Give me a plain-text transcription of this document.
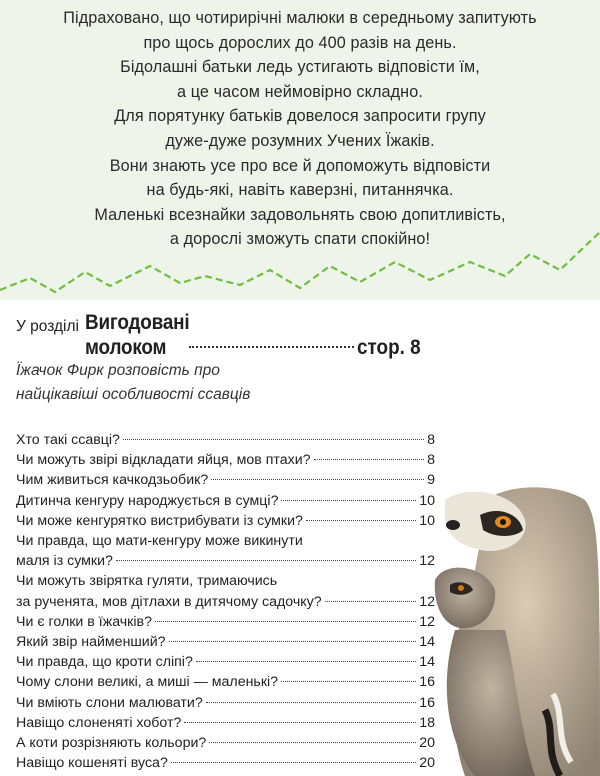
Підраховано, що чотирирічні малюки в середньому запитують
про щось дорослих до 400 разів на день.
Бідолашні батьки ледь устигають відповісти їм,
а це часом неймовірно складно.
Для порятунку батьків довелося запросити групу
дуже-дуже розумних Учених Їжаків.
Вони знають усе про все й допоможуть відповісти
на будь-які, навіть каверзні, питаннячка.
Маленькі всезнайки задовольнять свою допитливість,
а дорослі зможуть спати спокійно!
У розділі Вигодовані
молоком	стор. 8
Їжачок Фирк розповість про
найцікавіші особливості ссавців
Хто такі ссавці?	8
Чи можуть звірі відкладати яйця, мов птахи?	8
Чим живиться качкодзьобик?	9
Дитинча кенгуру народжується в сумці?	10
Чи може кенгурятко вистрибувати із сумки?	10
Чи правда, що мати-кенгуру може викинути
маля із сумки?	12
Чи можуть звірятка гуляти, тримаючись
за рученята, мов дітлахи в дитячому садочку?	12
Чи є голки в їжачків?	12
Який звір найменший?	14
Чи правда, що кроти сліпі?	14
Чому слони великі, а миші — маленькі?	16
Чи вміють слони малювати?	16
Навіщо слоненяті хобот?	18
А коти розрізняють кольори?	20
Навіщо кошеняті вуса?	20
